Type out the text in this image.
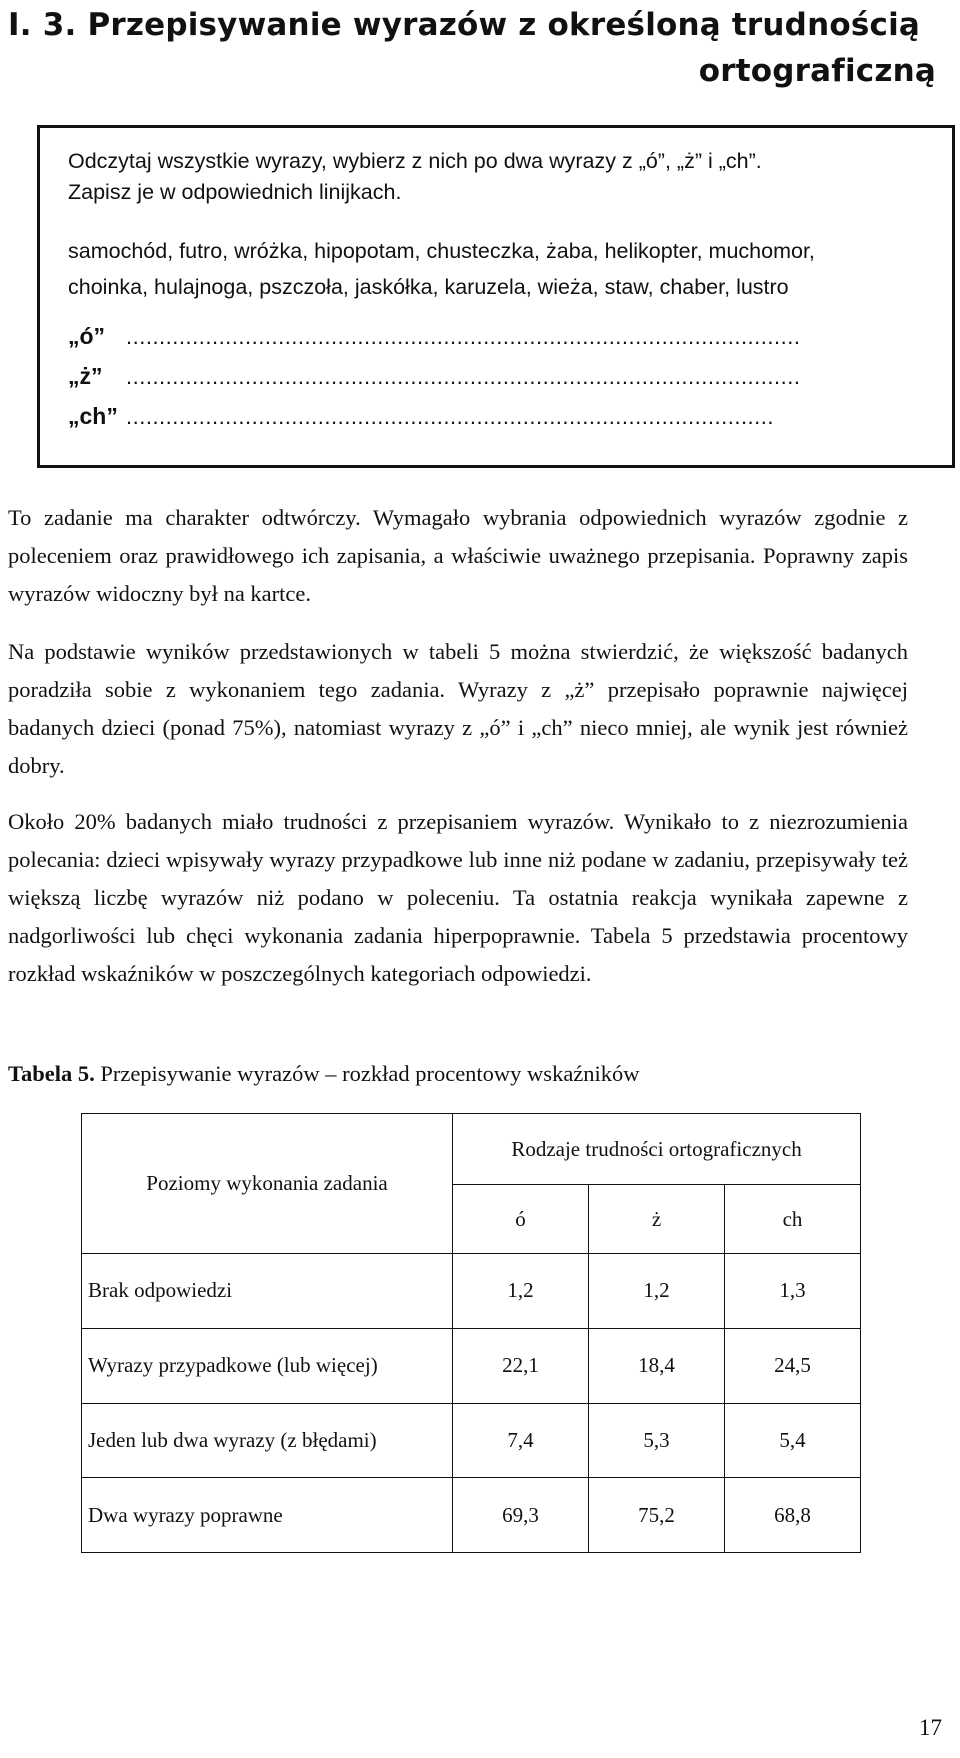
I. 3. Przepisywanie wyrazów z określoną trudnością
ortograficzną
Odczytaj wszystkie wyrazy, wybierz z nich po dwa wyrazy z „ó”, „ż” i „ch”.
Zapisz je w odpowiednich linijkach.
samochód, futro, wróżka, hipopotam, chusteczka, żaba, helikopter, muchomor,
choinka, hulajnoga, pszczoła, jaskółka, karuzela, wieża, staw, chaber, lustro
„ó” ......................................................................................................
„ż” ......................................................................................................
„ch” ..................................................................................................

To zadanie ma charakter odtwórczy. Wymagało wybrania odpowiednich wyrazów zgodnie z poleceniem oraz prawidłowego ich zapisania, a właściwie uważnego przepisania. Poprawny zapis wyrazów widoczny był na kartce.

Na podstawie wyników przedstawionych w tabeli 5 można stwierdzić, że większość badanych poradziła sobie z wykonaniem tego zadania. Wyrazy z „ż” przepisało poprawnie najwięcej badanych dzieci (ponad 75%), natomiast wyrazy z „ó” i „ch” nieco mniej, ale wynik jest również dobry.

Około 20% badanych miało trudności z przepisaniem wyrazów. Wynikało to z niezrozumienia polecania: dzieci wpisywały wyrazy przypadkowe lub inne niż podane w zadaniu, przepisywały też większą liczbę wyrazów niż podano w poleceniu. Ta ostatnia reakcja wynikała zapewne z nadgorliwości lub chęci wykonania zadania hiperpoprawnie. Tabela 5 przedstawia procentowy rozkład wskaźników w poszczególnych kategoriach odpowiedzi.

Tabela 5. Przepisywanie wyrazów – rozkład procentowy wskaźników
Poziomy wykonania zadania	Rodzaje trudności ortograficznych		
	ó	ż	ch
Brak odpowiedzi	1,2	1,2	1,3
Wyrazy przypadkowe (lub więcej)	22,1	18,4	24,5
Jeden lub dwa wyrazy (z błędami)	7,4	5,3	5,4
Dwa wyrazy poprawne	69,3	75,2	68,8
17
